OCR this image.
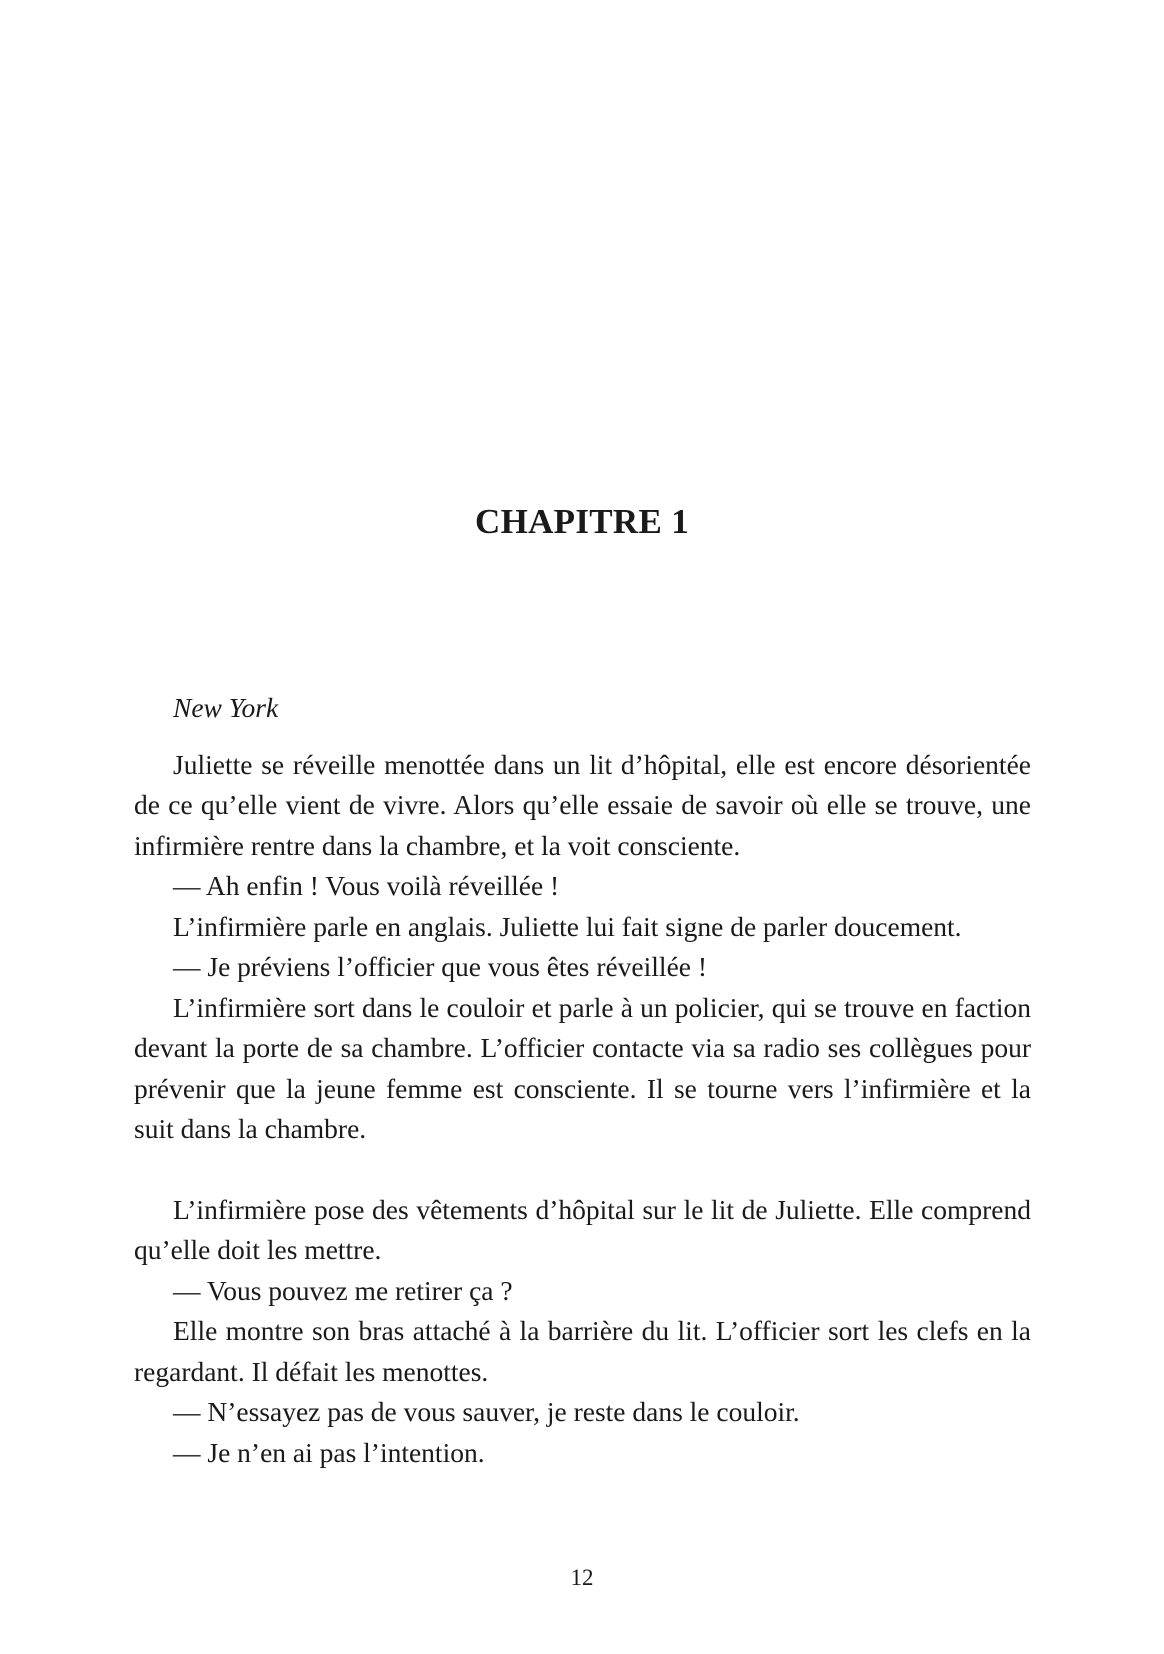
CHAPITRE 1

New York

Juliette se réveille menottée dans un lit d’hôpital, elle est encore désorientée de ce qu’elle vient de vivre. Alors qu’elle essaie de savoir où elle se trouve, une infirmière rentre dans la chambre, et la voit consciente.

— Ah enfin ! Vous voilà réveillée !

L’infirmière parle en anglais. Juliette lui fait signe de parler doucement.

— Je préviens l’officier que vous êtes réveillée !

L’infirmière sort dans le couloir et parle à un policier, qui se trouve en faction devant la porte de sa chambre. L’officier contacte via sa radio ses collègues pour prévenir que la jeune femme est consciente. Il se tourne vers l’infirmière et la suit dans la chambre.

L’infirmière pose des vêtements d’hôpital sur le lit de Juliette. Elle comprend qu’elle doit les mettre.

— Vous pouvez me retirer ça ?

Elle montre son bras attaché à la barrière du lit. L’officier sort les clefs en la regardant. Il défait les menottes.

— N’essayez pas de vous sauver, je reste dans le couloir.

— Je n’en ai pas l’intention.

12
